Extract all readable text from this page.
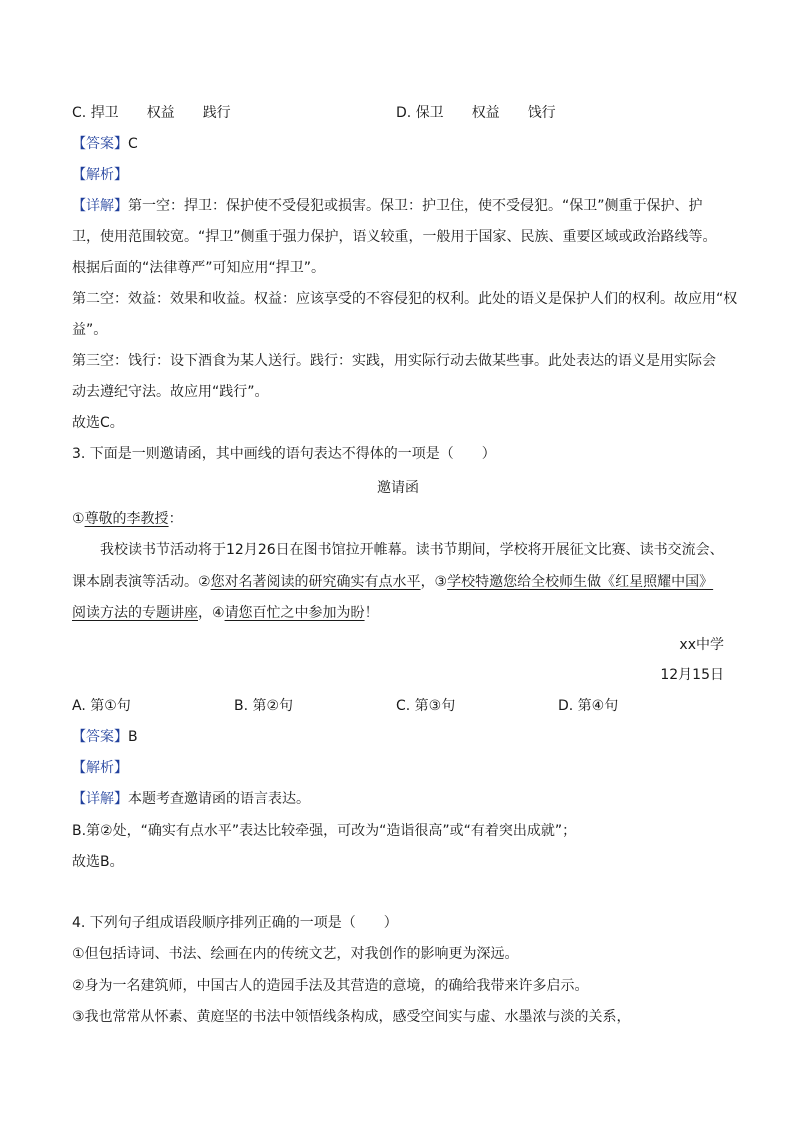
C. 捍卫 权益 践行	D. 保卫 权益 饯行
【答案】C
【解析】
【详解】第一空：捍卫：保护使不受侵犯或损害。保卫：护卫住，使不受侵犯。“保卫”侧重于保护、护
卫，使用范围较宽。“捍卫”侧重于强力保护，语义较重，一般用于国家、民族、重要区域或政治路线等。
根据后面的“法律尊严”可知应用“捍卫”。
第二空：效益：效果和收益。权益：应该享受的不容侵犯的权利。此处的语义是保护人们的权利。故应用“权
益”。
第三空：饯行：设下酒食为某人送行。践行：实践，用实际行动去做某些事。此处表达的语义是用实际会
动去遵纪守法。故应用“践行”。
故选C。
3. 下面是一则邀请函，其中画线的语句表达不得体的一项是（　　）
邀请函
①尊敬的李教授：
我校读书节活动将于12月26日在图书馆拉开帷幕。读书节期间，学校将开展征文比赛、读书交流会、
课本剧表演等活动。②您对名著阅读的研究确实有点水平，③学校特邀您给全校师生做《红星照耀中国》
阅读方法的专题讲座，④请您百忙之中参加为盼！
xx中学
12月15日
A. 第①句	B. 第②句	C. 第③句	D. 第④句
【答案】B
【解析】
【详解】本题考查邀请函的语言表达。
B.第②处，“确实有点水平”表达比较牵强，可改为“造诣很高”或“有着突出成就”；
故选B。
4. 下列句子组成语段顺序排列正确的一项是（　　）
①但包括诗词、书法、绘画在内的传统文艺，对我创作的影响更为深远。
②身为一名建筑师，中国古人的造园手法及其营造的意境，的确给我带来许多启示。
③我也常常从怀素、黄庭坚的书法中领悟线条构成，感受空间实与虚、水墨浓与淡的关系，
